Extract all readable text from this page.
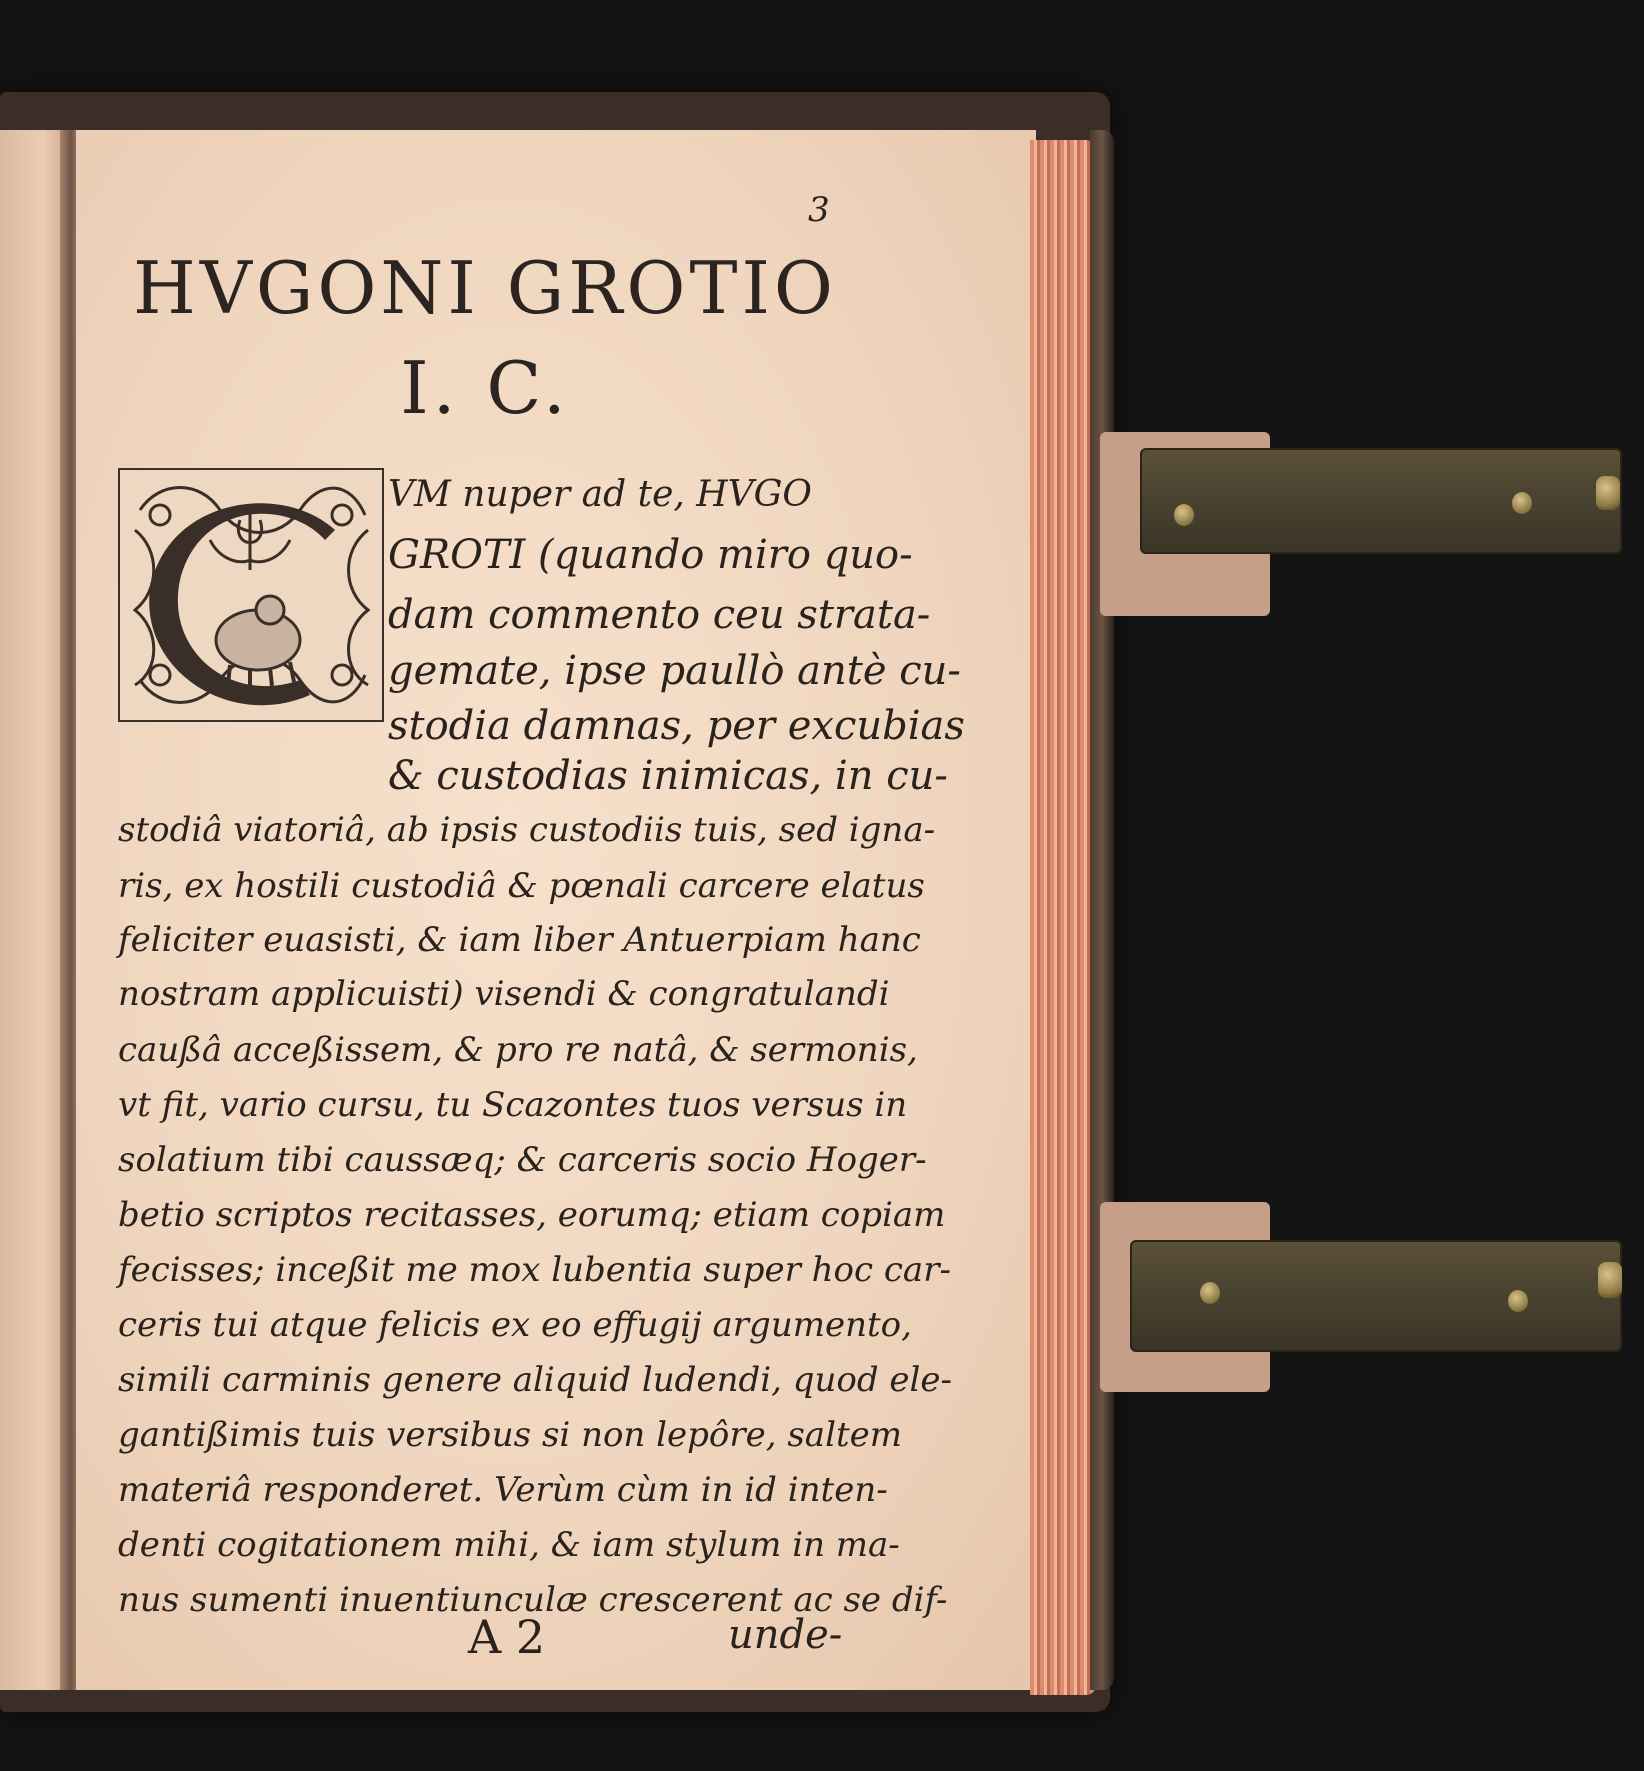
3
HVGONI GROTIO
I. C.
VM nuper ad te, HVGO
GROTI (quando miro quo-
dam commento ceu strata-
gemate, ipse paullò antè cu-
stodia damnas, per excubias
& custodias inimicas, in cu-
stodiâ viatoriâ, ab ipsis custodiis tuis, sed igna-
ris, ex hostili custodiâ & pœnali carcere elatus
feliciter euasisti, & iam liber Antuerpiam hanc
nostram applicuisti) visendi & congratulandi
caußâ acceßissem, & pro re natâ, & sermonis,
vt fit, vario cursu, tu Scazontes tuos versus in
solatium tibi caussæq; & carceris socio Hoger-
betio scriptos recitasses, eorumq; etiam copiam
fecisses; inceßit me mox lubentia super hoc car-
ceris tui atque felicis ex eo effugij argumento,
simili carminis genere aliquid ludendi, quod ele-
gantißimis tuis versibus si non lepôre, saltem
materiâ responderet. Verùm cùm in id inten-
denti cogitationem mihi, & iam stylum in ma-
nus sumenti inuentiunculæ crescerent ac se dif-
A 2	unde-
